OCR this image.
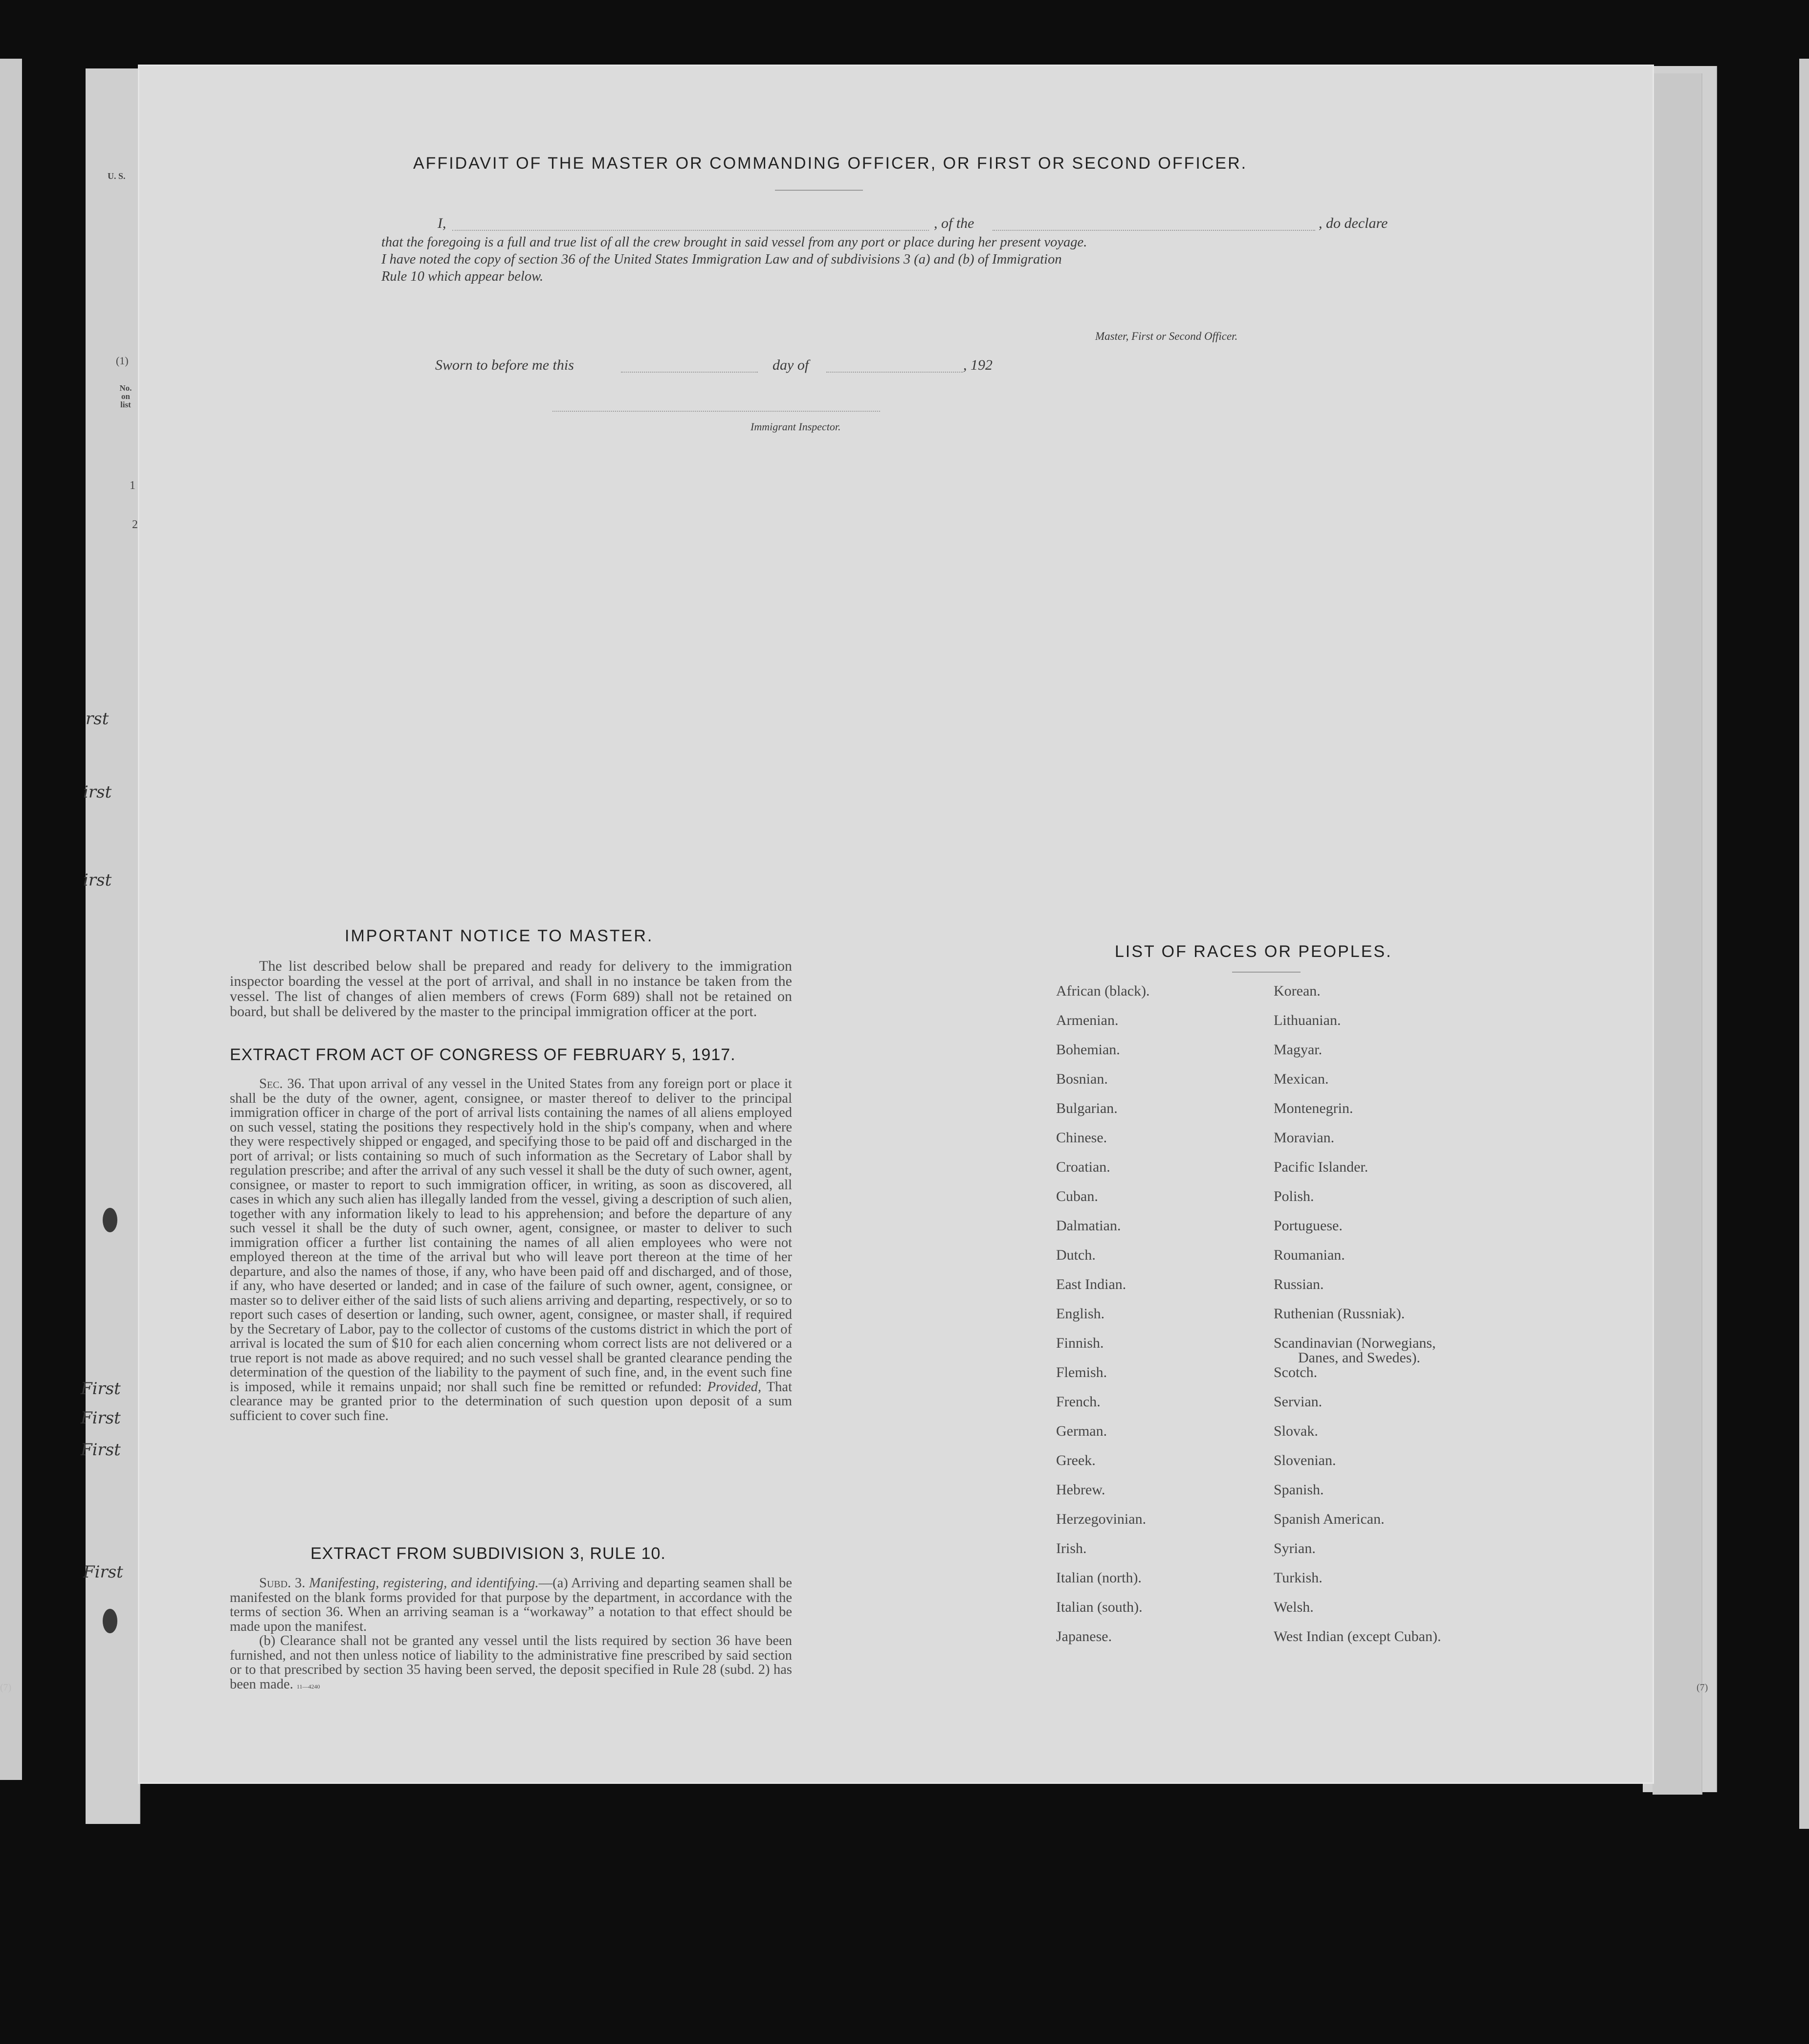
U. S.
(1)
No. on list
1
2
rst
irst
irst
First
First
First
First
(7)	(7)
AFFIDAVIT OF THE MASTER OR COMMANDING OFFICER, OR FIRST OR SECOND OFFICER.
I,	, of the	, do declare
that the foregoing is a full and true list of all the crew brought in said vessel from any port or place during her present voyage.
I have noted the copy of section 36 of the United States Immigration Law and of subdivisions 3 (a) and (b) of Immigration
Rule 10 which appear below.
Master, First or Second Officer.
Sworn to before me this	day of	, 192
Immigrant Inspector.
IMPORTANT NOTICE TO MASTER.

The list described below shall be prepared and ready for delivery to the immigration inspector boarding the vessel at the port of arrival, and shall in no instance be taken from the vessel. The list of changes of alien members of crews (Form 689) shall not be retained on board, but shall be delivered by the master to the principal immigration officer at the port.

EXTRACT FROM ACT OF CONGRESS OF FEBRUARY 5, 1917.

Sec. 36. That upon arrival of any vessel in the United States from any foreign port or place it shall be the duty of the owner, agent, consignee, or master thereof to deliver to the principal immigration officer in charge of the port of arrival lists containing the names of all aliens employed on such vessel, stating the positions they respectively hold in the ship's company, when and where they were respectively shipped or engaged, and specifying those to be paid off and discharged in the port of arrival; or lists containing so much of such information as the Secretary of Labor shall by regulation prescribe; and after the arrival of any such vessel it shall be the duty of such owner, agent, consignee, or master to report to such immigration officer, in writing, as soon as discovered, all cases in which any such alien has illegally landed from the vessel, giving a description of such alien, together with any information likely to lead to his apprehension; and before the departure of any such vessel it shall be the duty of such owner, agent, consignee, or master to deliver to such immigration officer a further list containing the names of all alien employees who were not employed thereon at the time of the arrival but who will leave port thereon at the time of her departure, and also the names of those, if any, who have been paid off and discharged, and of those, if any, who have deserted or landed; and in case of the failure of such owner, agent, consignee, or master so to deliver either of the said lists of such aliens arriving and departing, respectively, or so to report such cases of desertion or landing, such owner, agent, consignee, or master shall, if required by the Secretary of Labor, pay to the collector of customs of the customs district in which the port of arrival is located the sum of $10 for each alien concerning whom correct lists are not delivered or a true report is not made as above required; and no such vessel shall be granted clearance pending the determination of the question of the liability to the payment of such fine, and, in the event such fine is imposed, while it remains unpaid; nor shall such fine be remitted or refunded: Provided, That clearance may be granted prior to the determination of such question upon deposit of a sum sufficient to cover such fine.

EXTRACT FROM SUBDIVISION 3, RULE 10.

Subd. 3. Manifesting, registering, and identifying.—(a) Arriving and departing seamen shall be manifested on the blank forms provided for that purpose by the department, in accordance with the terms of section 36. When an arriving seaman is a “workaway” a notation to that effect should be made upon the manifest.

(b) Clearance shall not be granted any vessel until the lists required by section 36 have been furnished, and not then unless notice of liability to the administrative fine prescribed by said section or to that prescribed by section 35 having been served, the deposit specified in Rule 28 (subd. 2) has been made. 11—4240

LIST OF RACES OR PEOPLES.
African (black).
Armenian.
Bohemian.
Bosnian.
Bulgarian.
Chinese.
Croatian.
Cuban.
Dalmatian.
Dutch.
East Indian.
English.
Finnish.
Flemish.
French.
German.
Greek.
Hebrew.
Herzegovinian.
Irish.
Italian (north).
Italian (south).
Japanese.
Korean.
Lithuanian.
Magyar.
Mexican.
Montenegrin.
Moravian.
Pacific Islander.
Polish.
Portuguese.
Roumanian.
Russian.
Ruthenian (Russniak).
Scandinavian (Norwegians,
Danes, and Swedes).
Scotch.
Servian.
Slovak.
Slovenian.
Spanish.
Spanish American.
Syrian.
Turkish.
Welsh.
West Indian (except Cuban).
